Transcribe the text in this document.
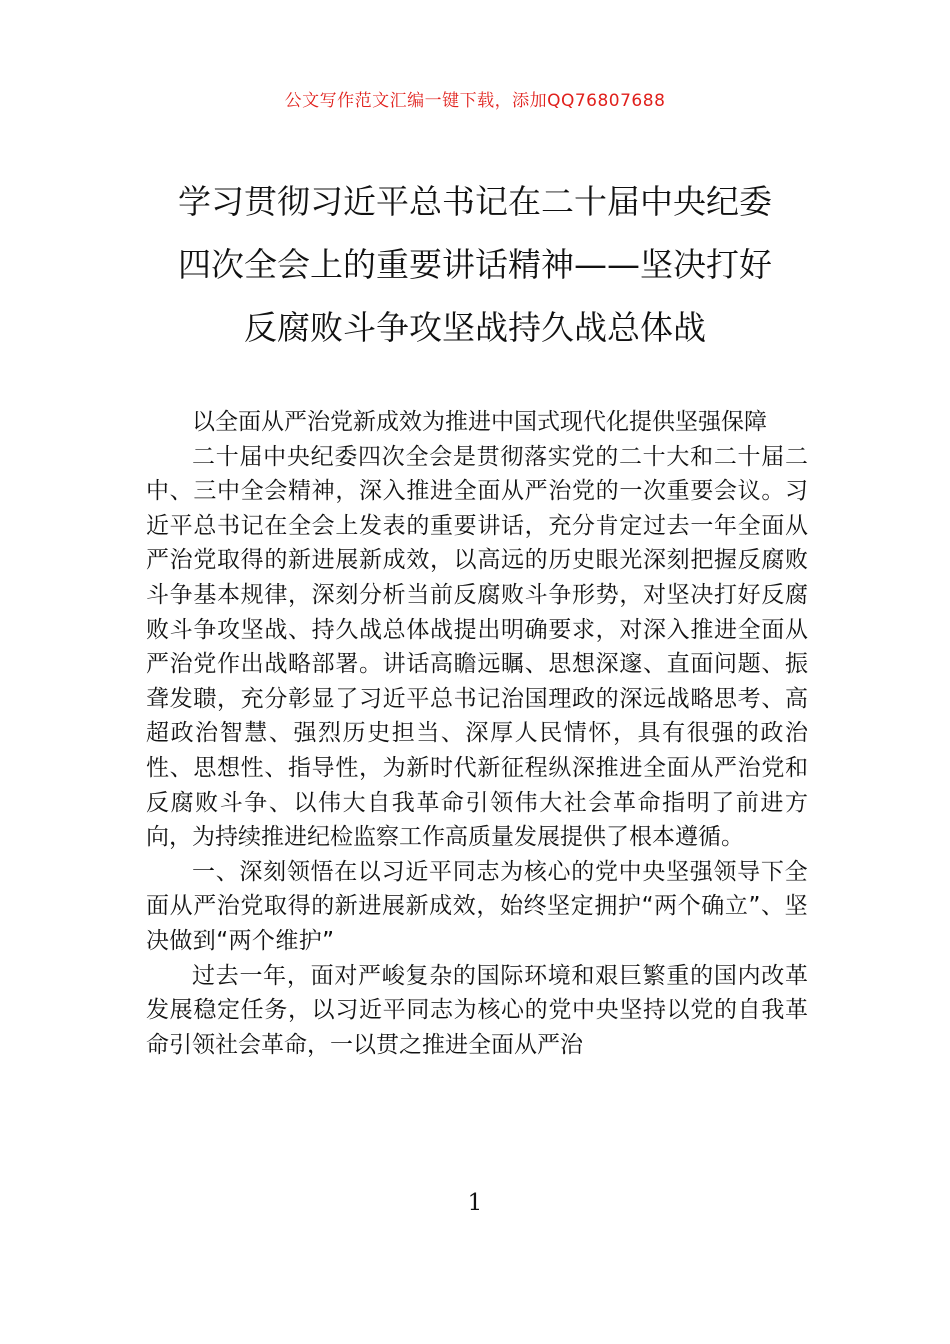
公文写作范文汇编一键下载，添加QQ76807688
学习贯彻习近平总书记在二十届中央纪委
四次全会上的重要讲话精神——坚决打好
反腐败斗争攻坚战持久战总体战

以全面从严治党新成效为推进中国式现代化提供坚强保障

二十届中央纪委四次全会是贯彻落实党的二十大和二十届二中、三中全会精神，深入推进全面从严治党的一次重要会议。习近平总书记在全会上发表的重要讲话，充分肯定过去一年全面从严治党取得的新进展新成效，以高远的历史眼光深刻把握反腐败斗争基本规律，深刻分析当前反腐败斗争形势，对坚决打好反腐败斗争攻坚战、持久战总体战提出明确要求，对深入推进全面从严治党作出战略部署。讲话高瞻远瞩、思想深邃、直面问题、振聋发聩，充分彰显了习近平总书记治国理政的深远战略思考、高超政治智慧、强烈历史担当、深厚人民情怀，具有很强的政治性、思想性、指导性，为新时代新征程纵深推进全面从严治党和反腐败斗争、以伟大自我革命引领伟大社会革命指明了前进方向，为持续推进纪检监察工作高质量发展提供了根本遵循。

一、深刻领悟在以习近平同志为核心的党中央坚强领导下全面从严治党取得的新进展新成效，始终坚定拥护“两个确立”、坚决做到“两个维护”

过去一年，面对严峻复杂的国际环境和艰巨繁重的国内改革发展稳定任务，以习近平同志为核心的党中央坚持以党的自我革命引领社会革命，一以贯之推进全面从严治

1
